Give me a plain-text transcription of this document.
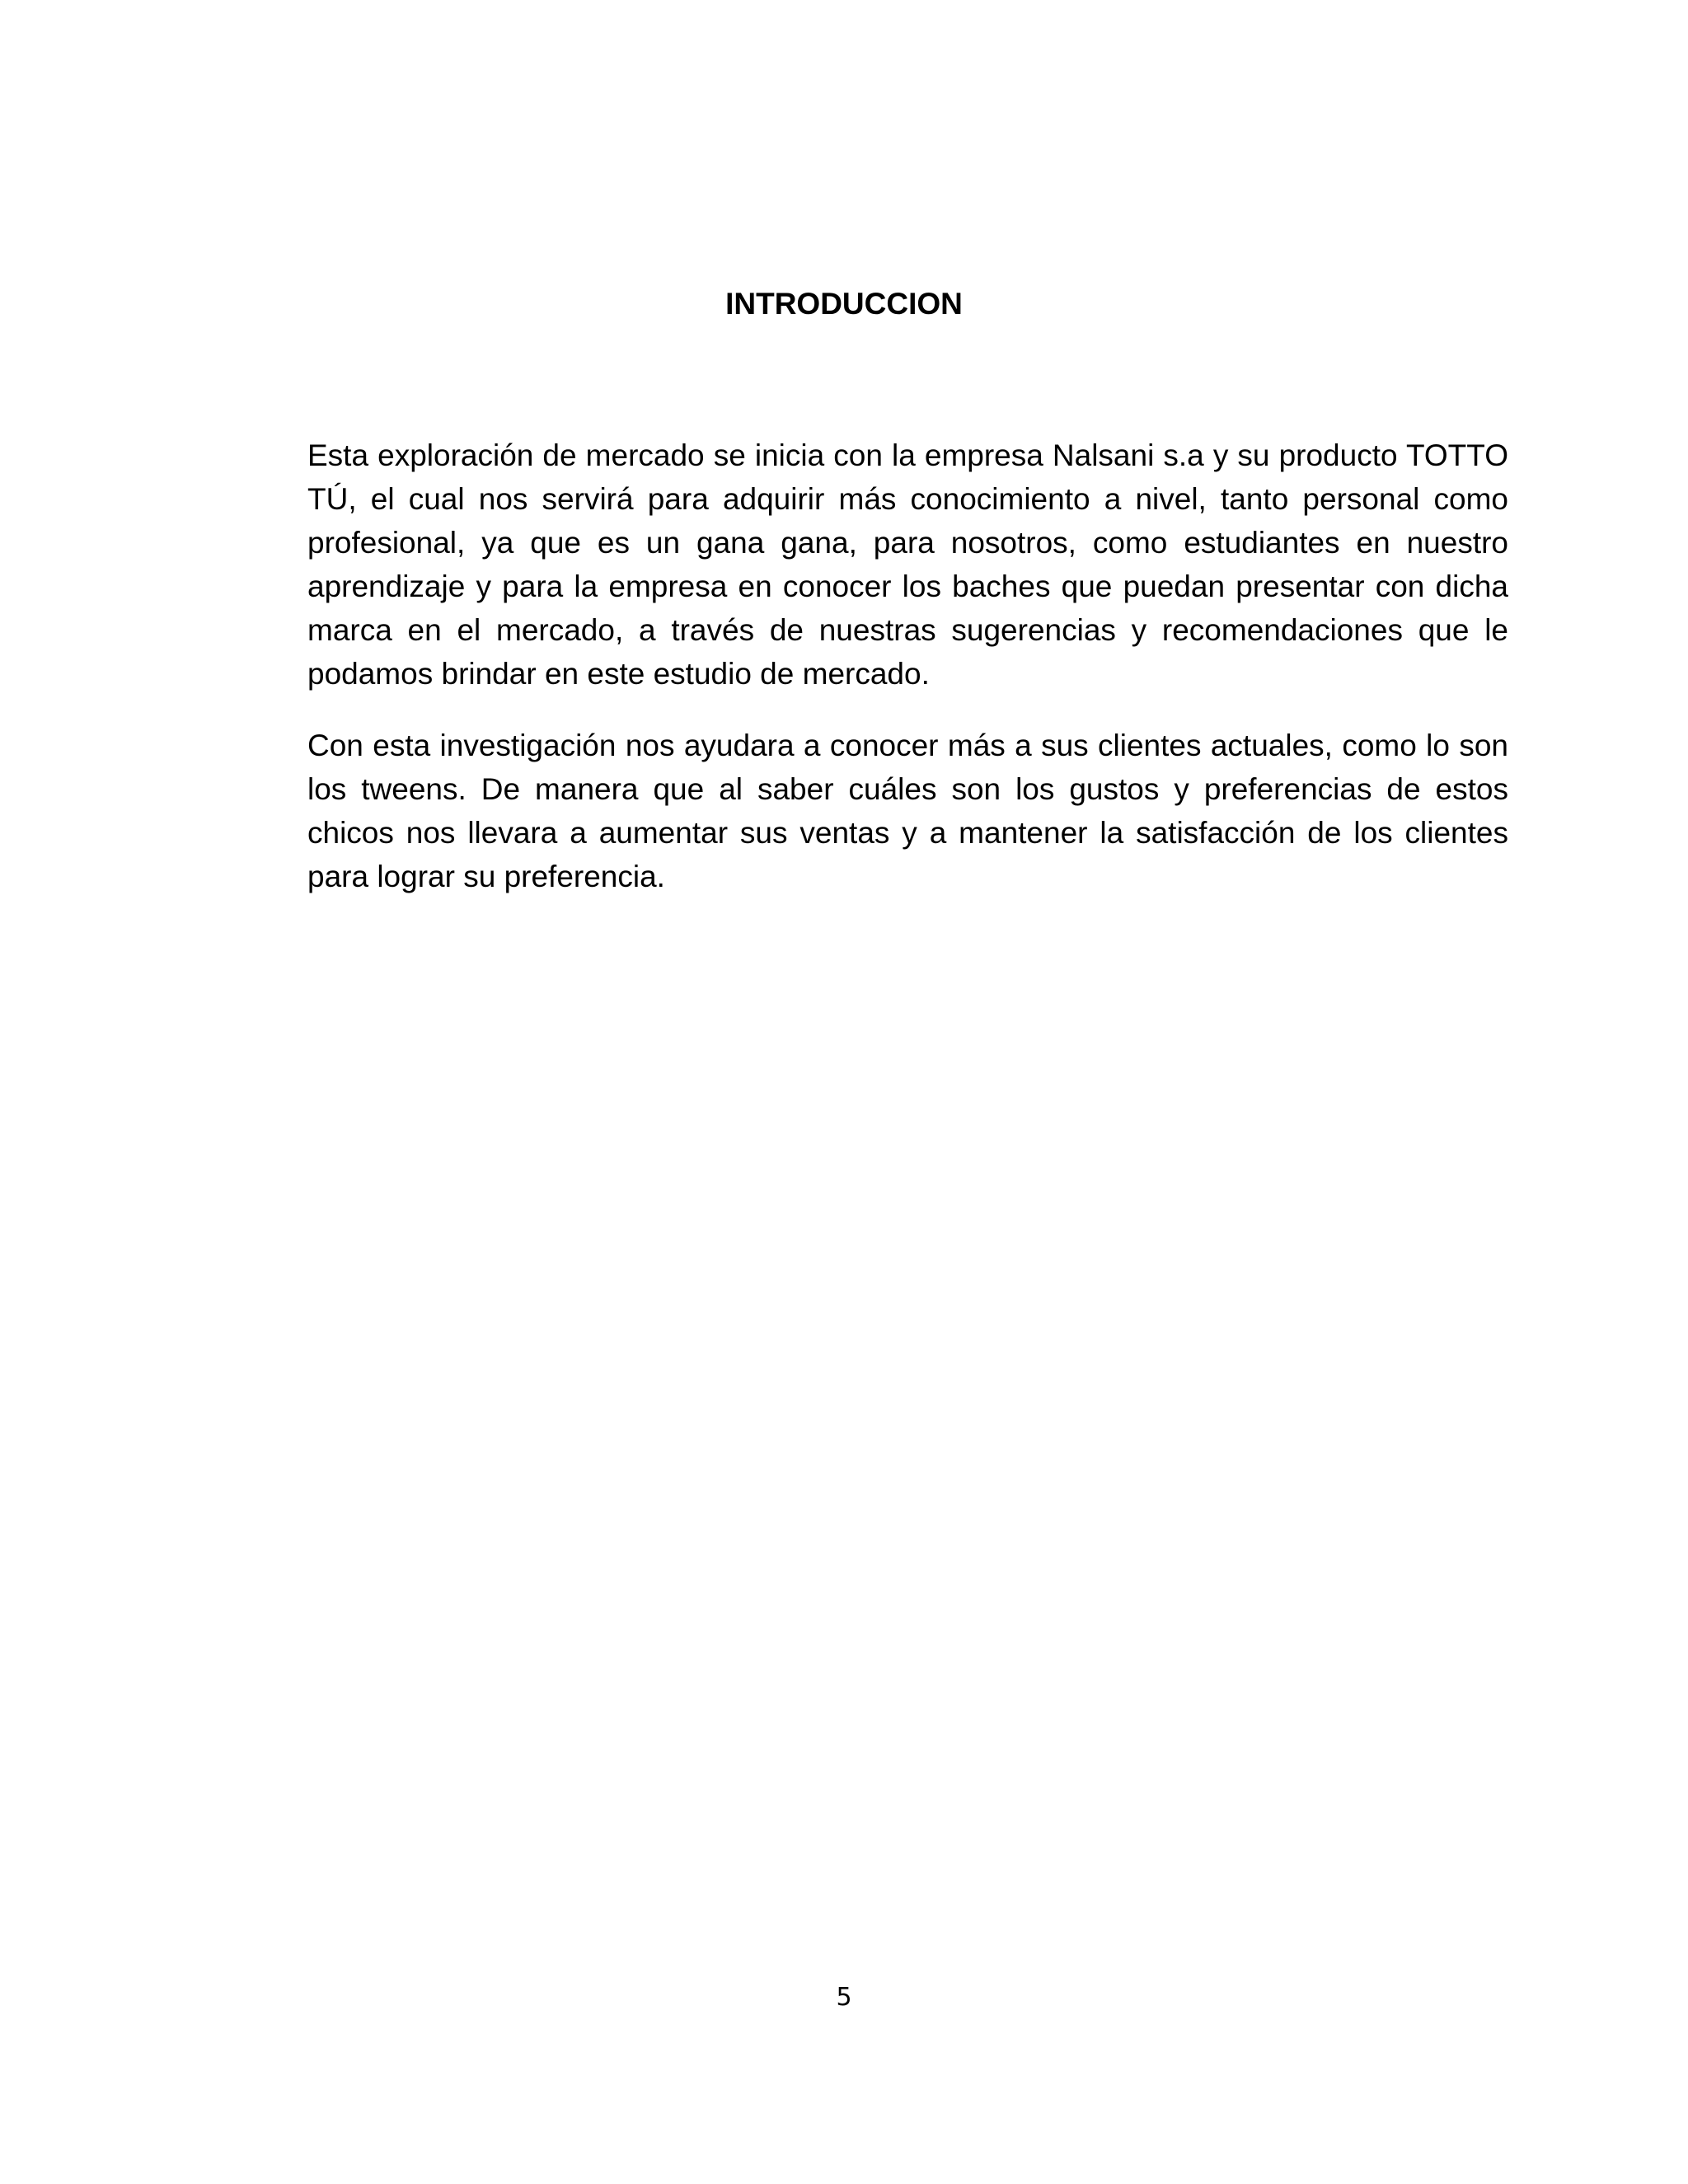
INTRODUCCION

Esta exploración de mercado se inicia con la empresa Nalsani s.a y su producto TOTTO TÚ, el cual nos servirá para adquirir más conocimiento a nivel, tanto personal como profesional, ya que es un gana gana, para nosotros, como estudiantes en nuestro aprendizaje y para la empresa en conocer los baches que puedan presentar con dicha marca en el mercado, a través de nuestras sugerencias y recomendaciones que le podamos brindar en este estudio de mercado.

Con esta investigación nos ayudara a conocer más a sus clientes actuales, como lo son los tweens. De manera que al saber cuáles son los gustos y preferencias de estos chicos nos llevara a aumentar sus ventas y a mantener la satisfacción de los clientes para lograr su preferencia.

5
